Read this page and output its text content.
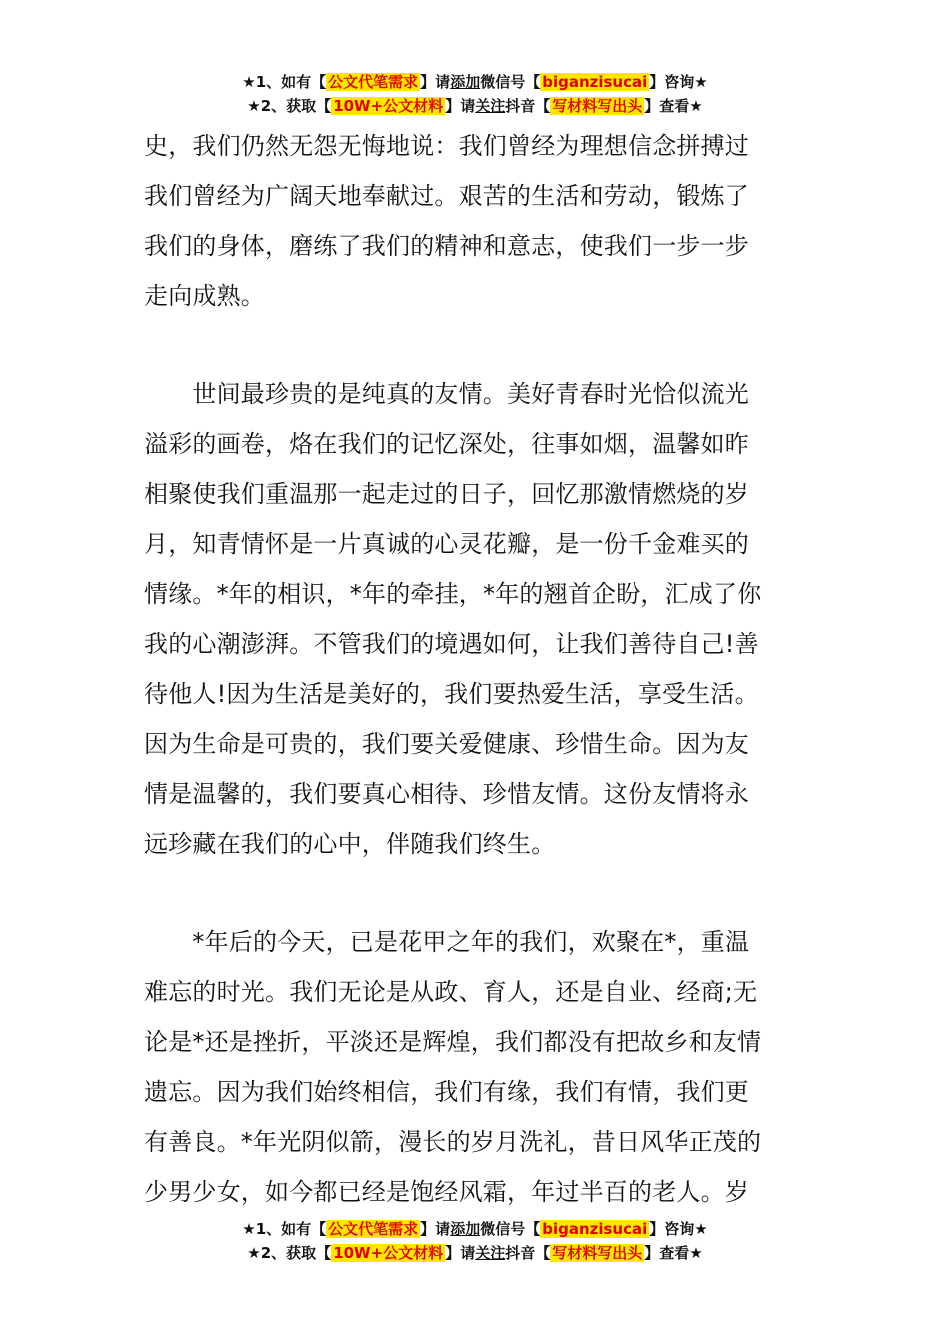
★1、如有【 公文代笔需求 】请添加微信号【 biganzisucai 】咨询★
★2、获取【 10W+公文材料 】请关注抖音【 写材料写出头 】查看★
史，我们仍然无怨无悔地说：我们曾经为理想信念拼搏过
我们曾经为广阔天地奉献过。艰苦的生活和劳动，锻炼了
我们的身体，磨练了我们的精神和意志，使我们一步一步
走向成熟。
　　世间最珍贵的是纯真的友情。美好青春时光恰似流光
溢彩的画卷，烙在我们的记忆深处，往事如烟，温馨如昨
相聚使我们重温那一起走过的日子，回忆那激情燃烧的岁
月，知青情怀是一片真诚的心灵花瓣，是一份千金难买的
情缘。*年的相识，*年的牵挂，*年的翘首企盼，汇成了你
我的心潮澎湃。不管我们的境遇如何，让我们善待自己!善
待他人!因为生活是美好的，我们要热爱生活，享受生活。
因为生命是可贵的，我们要关爱健康、珍惜生命。因为友
情是温馨的，我们要真心相待、珍惜友情。这份友情将永
远珍藏在我们的心中，伴随我们终生。
　　*年后的今天，已是花甲之年的我们，欢聚在*，重温
难忘的时光。我们无论是从政、育人，还是自业、经商;无
论是*还是挫折，平淡还是辉煌，我们都没有把故乡和友情
遗忘。因为我们始终相信，我们有缘，我们有情，我们更
有善良。*年光阴似箭，漫长的岁月洗礼，昔日风华正茂的
少男少女，如今都已经是饱经风霜，年过半百的老人。岁
★1、如有【 公文代笔需求 】请添加微信号【 biganzisucai 】咨询★
★2、获取【 10W+公文材料 】请关注抖音【 写材料写出头 】查看★
